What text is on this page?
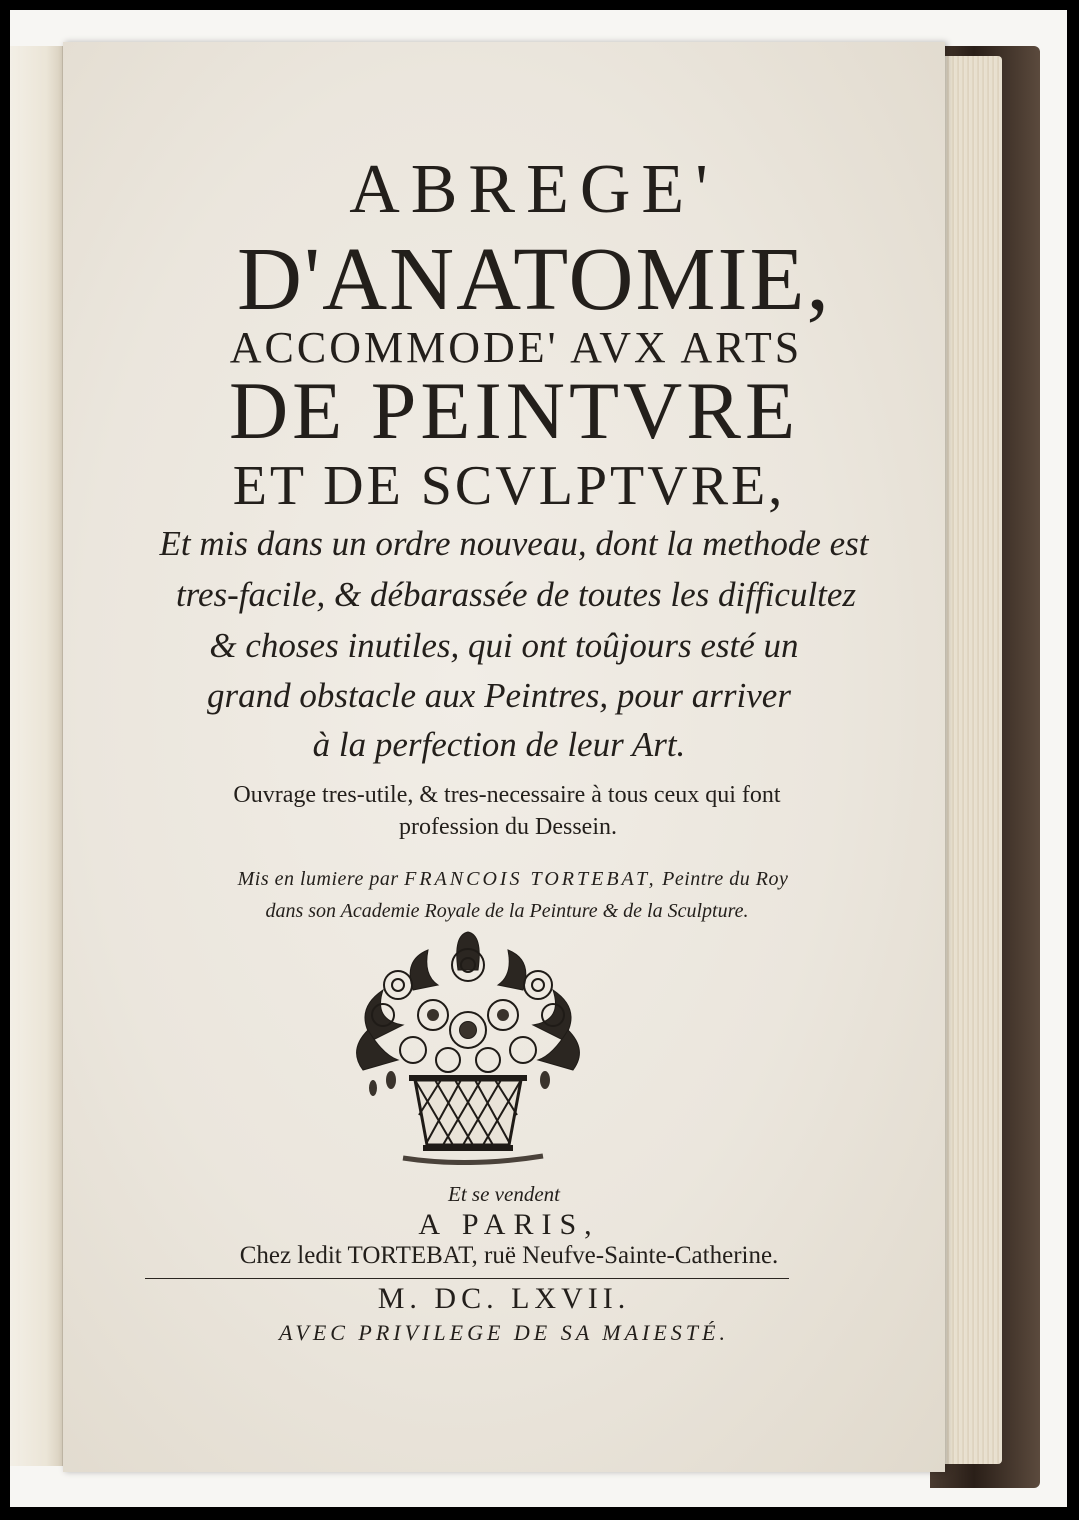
ABREGE'
D'ANATOMIE,
ACCOMMODE' AVX ARTS
DE PEINTVRE
ET DE SCVLPTVRE,
Et mis dans un ordre nouveau, dont la methode est
tres-facile, & débarassée de toutes les difficultez
& choses inutiles, qui ont toûjours esté un
grand obstacle aux Peintres, pour arriver
à la perfection de leur Art.
Ouvrage tres-utile, & tres-necessaire à tous ceux qui font
profession du Dessein.
Mis en lumiere par FRANCOIS TORTEBAT, Peintre du Roy
dans son Academie Royale de la Peinture & de la Sculpture.
Et se vendent
A PARIS,
Chez ledit TORTEBAT, ruë Neufve-Sainte-Catherine.
M. DC. LXVII.
AVEC PRIVILEGE DE SA MAIESTÉ.
